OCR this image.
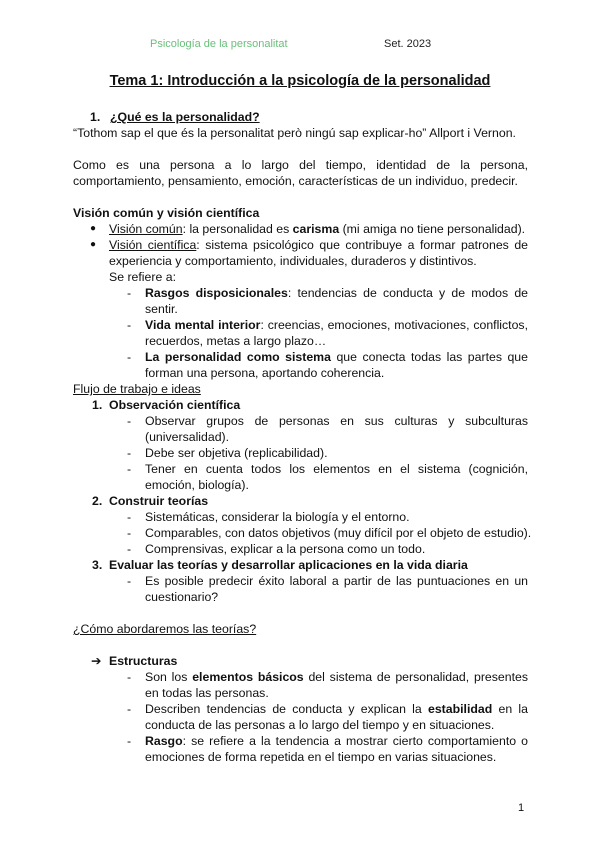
Psicología de la personalitat	Set. 2023
Tema 1: Introducción a la psicología de la personalidad
1. ¿Qué es la personalidad?
“Tothom sap el que és la personalitat però ningú sap explicar-ho” Allport i Vernon.
Como es una persona a lo largo del tiempo, identidad de la persona,
comportamiento, pensamiento, emoción, características de un individuo, predecir.
Visión común y visión científica
● Visión común: la personalidad es carisma (mi amiga no tiene personalidad).
● Visión científica: sistema psicológico que contribuye a formar patrones de
experiencia y comportamiento, individuales, duraderos y distintivos.
Se refiere a:
- Rasgos disposicionales: tendencias de conducta y de modos de
sentir.
- Vida mental interior: creencias, emociones, motivaciones, conflictos,
recuerdos, metas a largo plazo…
- La personalidad como sistema que conecta todas las partes que
forman una persona, aportando coherencia.
Flujo de trabajo e ideas
1. Observación científica
- Observar grupos de personas en sus culturas y subculturas
(universalidad).
- Debe ser objetiva (replicabilidad).
- Tener en cuenta todos los elementos en el sistema (cognición,
emoción, biología).
2. Construir teorías
- Sistemáticas, considerar la biología y el entorno.
- Comparables, con datos objetivos (muy difícil por el objeto de estudio).
- Comprensivas, explicar a la persona como un todo.
3. Evaluar las teorías y desarrollar aplicaciones en la vida diaria
- Es posible predecir éxito laboral a partir de las puntuaciones en un
cuestionario?
¿Cómo abordaremos las teorías?
➔ Estructuras
- Son los elementos básicos del sistema de personalidad, presentes
en todas las personas.
- Describen tendencias de conducta y explican la estabilidad en la
conducta de las personas a lo largo del tiempo y en situaciones.
- Rasgo: se refiere a la tendencia a mostrar cierto comportamiento o
emociones de forma repetida en el tiempo en varias situaciones.
1
